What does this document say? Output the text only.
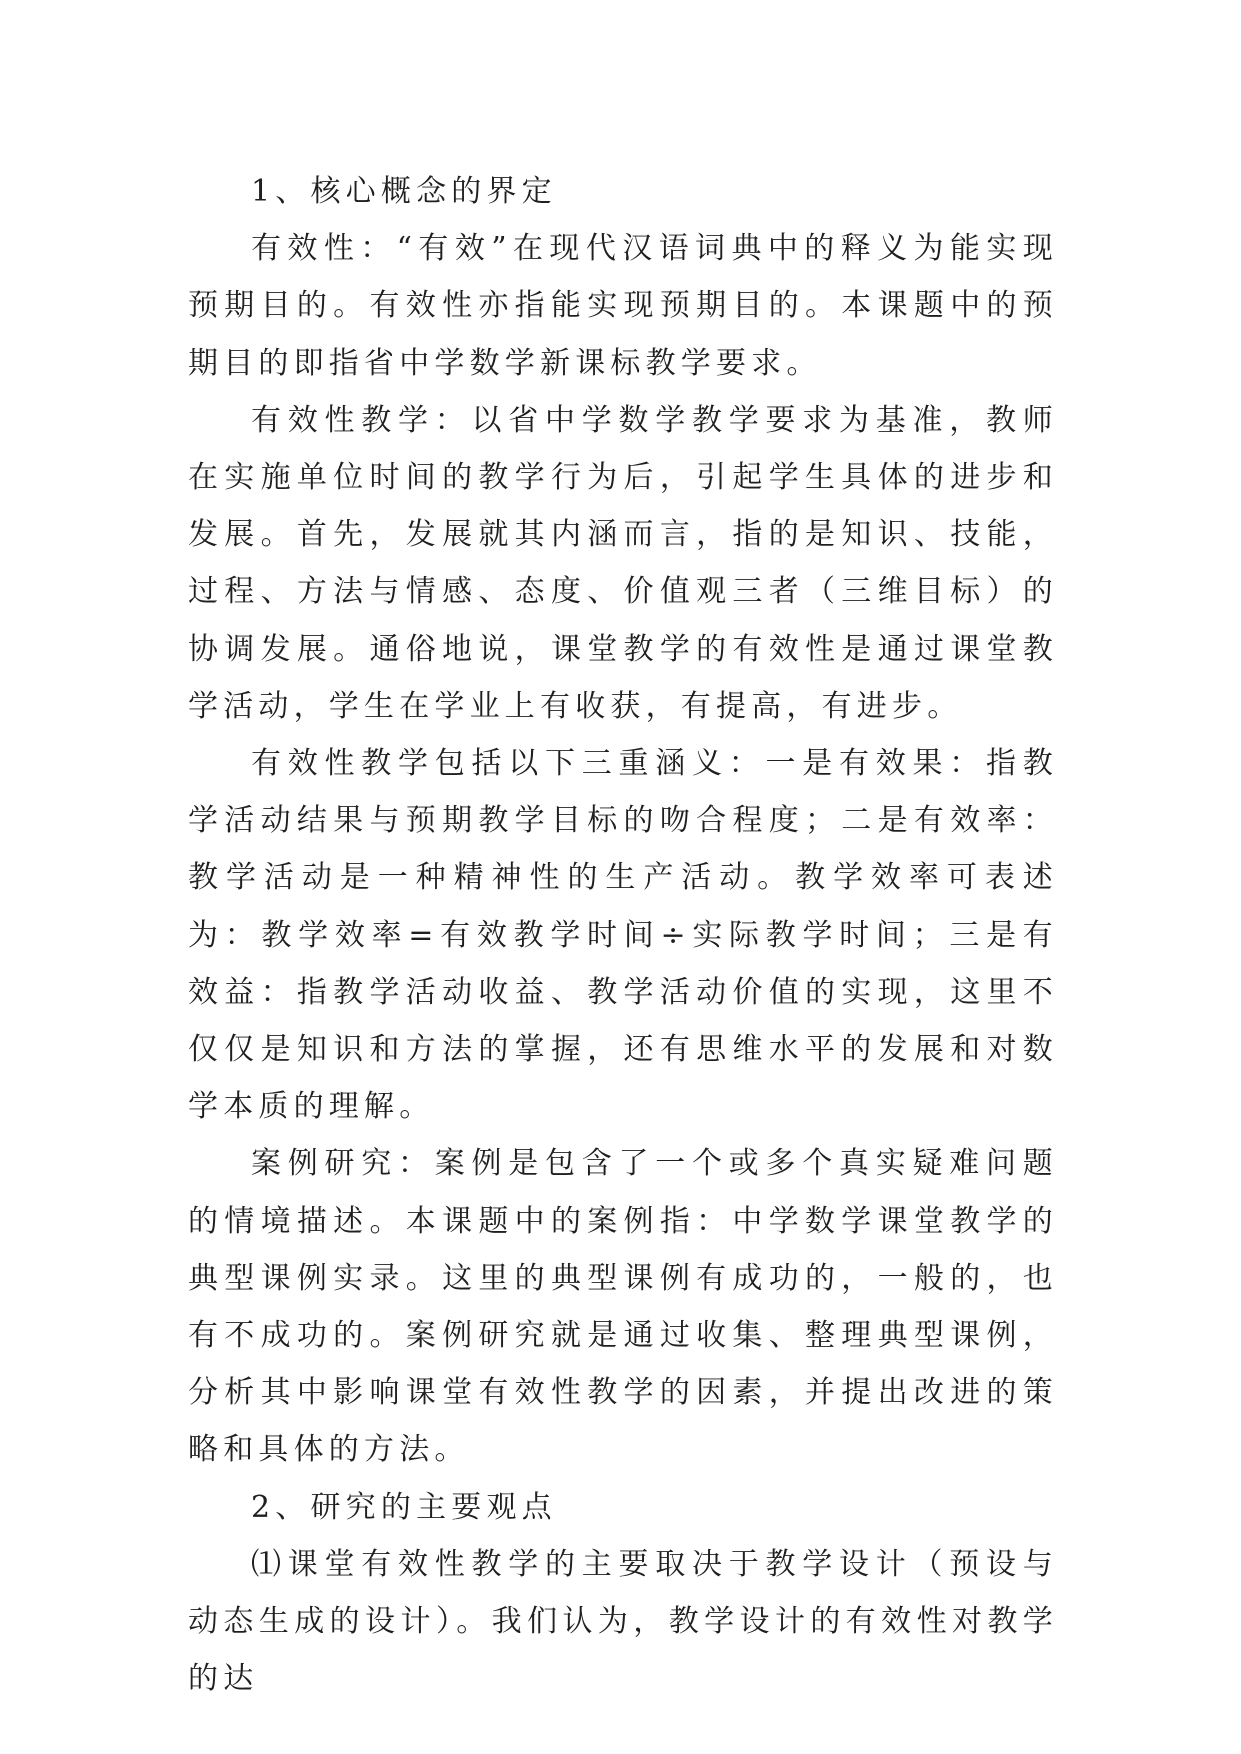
1、核心概念的界定

有效性：“有效”在现代汉语词典中的释义为能实现预期目的。有效性亦指能实现预期目的。本课题中的预期目的即指省中学数学新课标教学要求。

有效性教学：以省中学数学教学要求为基准，教师在实施单位时间的教学行为后，引起学生具体的进步和发展。首先，发展就其内涵而言，指的是知识、技能，过程、方法与情感、态度、价值观三者（三维目标）的协调发展。通俗地说，课堂教学的有效性是通过课堂教学活动，学生在学业上有收获，有提高，有进步。

有效性教学包括以下三重涵义：一是有效果：指教学活动结果与预期教学目标的吻合程度；二是有效率：教学活动是一种精神性的生产活动。教学效率可表述为：教学效率=有效教学时间÷实际教学时间；三是有效益：指教学活动收益、教学活动价值的实现，这里不仅仅是知识和方法的掌握，还有思维水平的发展和对数学本质的理解。

案例研究：案例是包含了一个或多个真实疑难问题的情境描述。本课题中的案例指：中学数学课堂教学的典型课例实录。这里的典型课例有成功的，一般的，也有不成功的。案例研究就是通过收集、整理典型课例，分析其中影响课堂有效性教学的因素，并提出改进的策略和具体的方法。

2、研究的主要观点

⑴课堂有效性教学的主要取决于教学设计（预设与动态生成的设计）。我们认为，教学设计的有效性对教学的达
